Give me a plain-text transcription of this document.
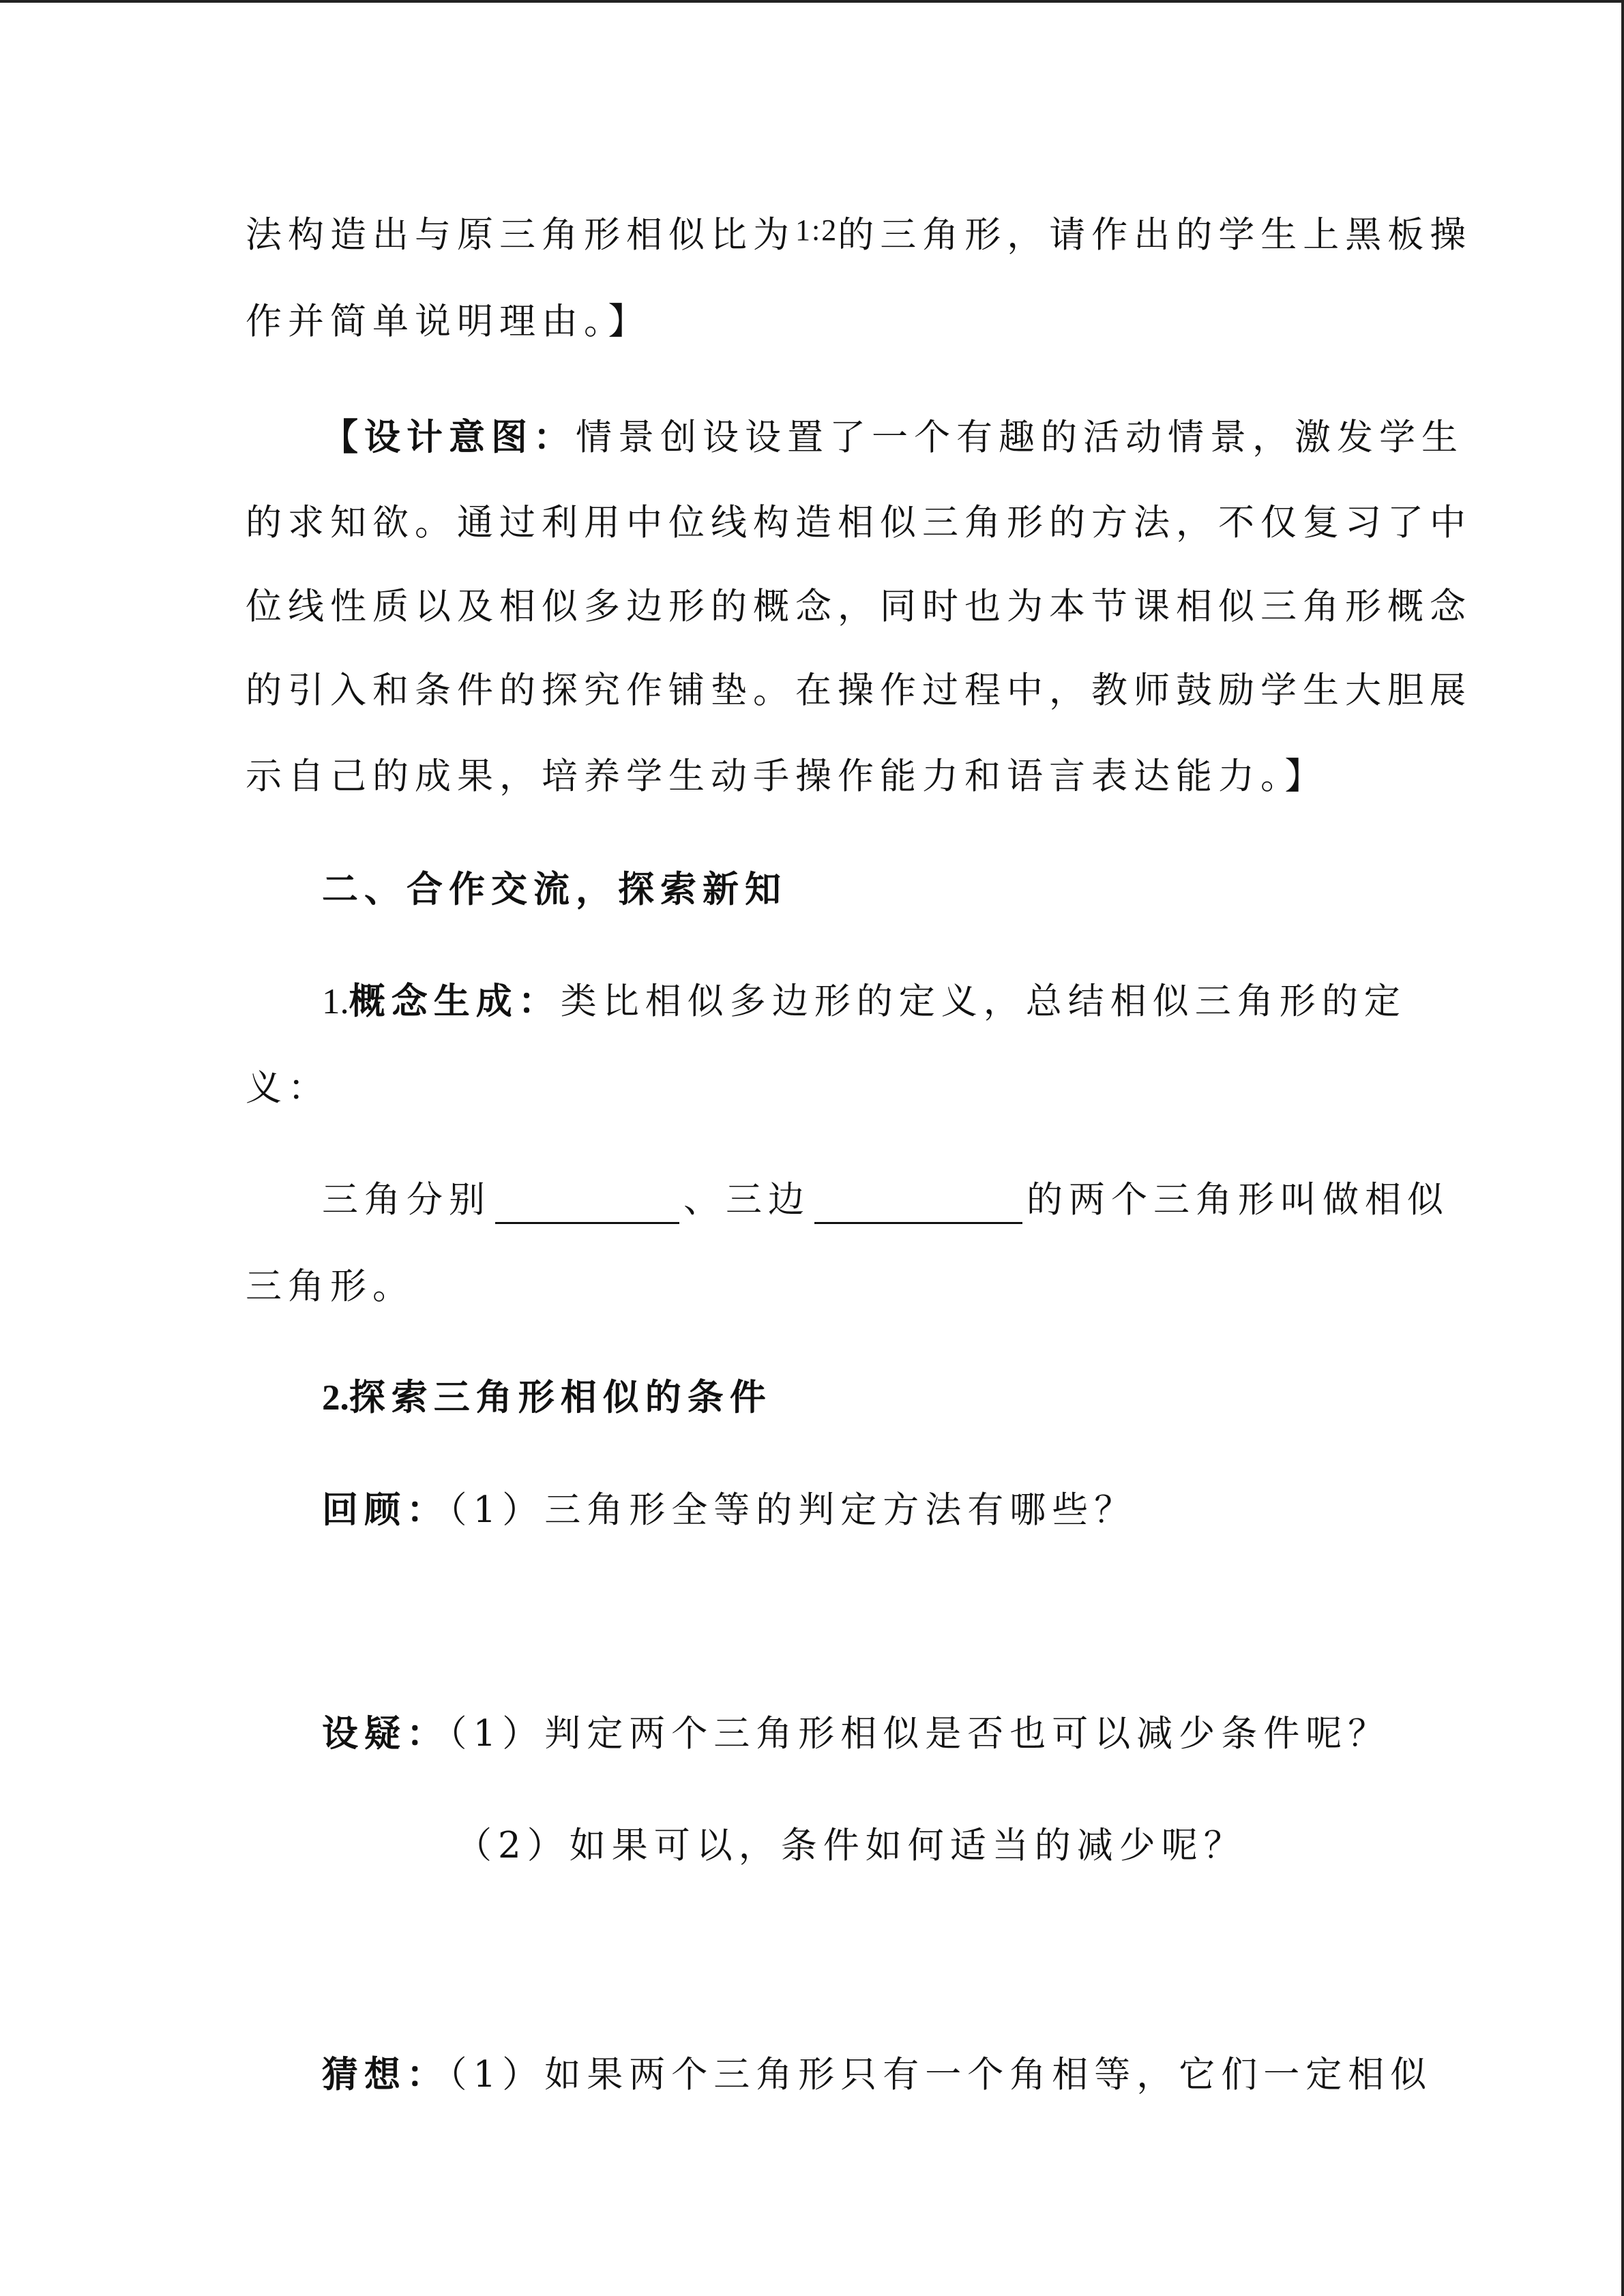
法构造出与原三角形相似比为1:2的三角形，请作出的学生上黑板操
作并简单说明理由。】
【设计意图：情景创设设置了一个有趣的活动情景，激发学生
的求知欲。通过利用中位线构造相似三角形的方法，不仅复习了中
位线性质以及相似多边形的概念，同时也为本节课相似三角形概念
的引入和条件的探究作铺垫。在操作过程中，教师鼓励学生大胆展
示自己的成果，培养学生动手操作能力和语言表达能力。】
二、合作交流，探索新知
1.概念生成：类比相似多边形的定义，总结相似三角形的定
义：
三角分别	、三边	的两个三角形叫做相似
三角形。
2.探索三角形相似的条件
回顾：（1）三角形全等的判定方法有哪些？
设疑：（1）判定两个三角形相似是否也可以减少条件呢？
（2）如果可以，条件如何适当的减少呢？
猜想：（1）如果两个三角形只有一个角相等，它们一定相似
